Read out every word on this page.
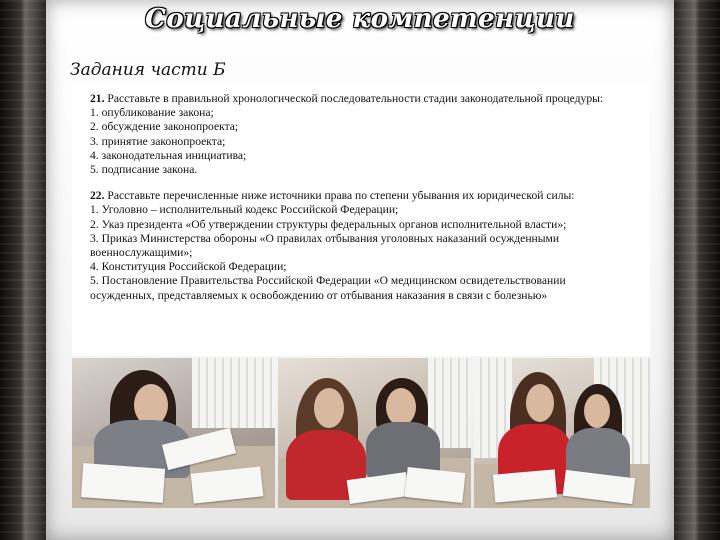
Социальные компетенции
Задания части Б

21. Расставьте в правильной хронологической последовательности стадии законодательной процедуры:

1. опубликование закона;
2. обсуждение законопроекта;
3. принятие законопроекта;
4. законодательная инициатива;
5. подписание закона.

22. Расставьте перечисленные ниже источники права по степени убывания их юридической силы:

1. Уголовно – исполнительный кодекс Российской Федерации;
2. Указ президента «Об утверждении структуры федеральных органов исполнительной власти»;
3. Приказ Министерства обороны «О правилах отбывания уголовных наказаний осужденными военнослужащими»;
4. Конституция Российской Федерации;
5. Постановление Правительства Российской Федерации «О медицинском освидетельствовании осужденных, представляемых к освобождению от отбывания наказания в связи с болезнью»
